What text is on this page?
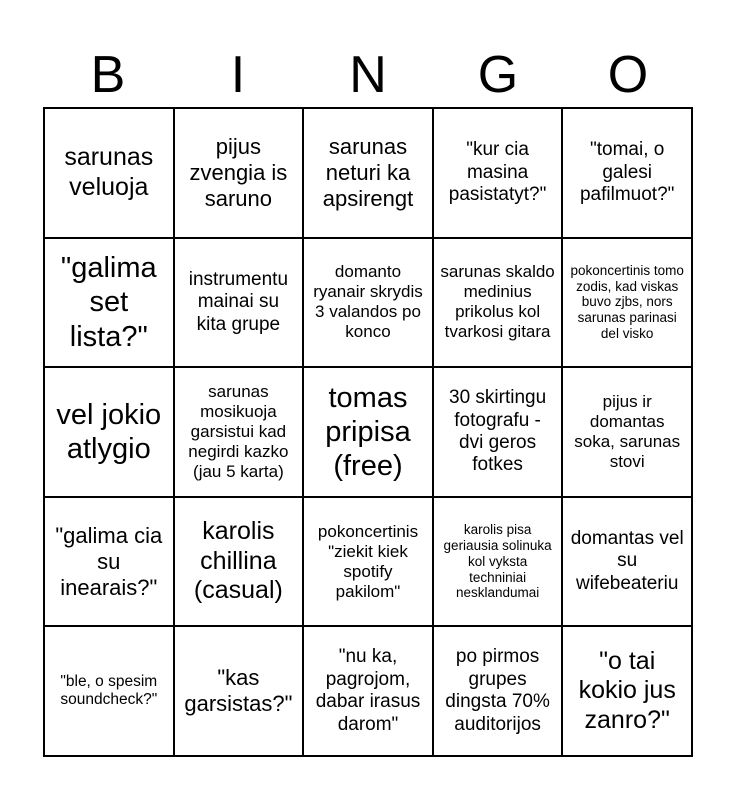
B	I	N	G	O
sarunas veluoja
pijus zvengia is saruno
sarunas neturi ka apsirengt
"kur cia masina pasistatyt?"
"tomai, o galesi pafilmuot?"
"galima set lista?"
instrumentu mainai su kita grupe
domanto ryanair skrydis 3 valandos po konco
sarunas skaldo medinius prikolus kol tvarkosi gitara
pokoncertinis tomo zodis, kad viskas buvo zjbs, nors sarunas parinasi del visko
vel jokio atlygio
sarunas mosikuoja garsistui kad negirdi kazko (jau 5 karta)
tomas pripisa (free)
30 skirtingu fotografu - dvi geros fotkes
pijus ir domantas soka, sarunas stovi
"galima cia su inearais?"
karolis chillina (casual)
pokoncertinis "ziekit kiek spotify pakilom"
karolis pisa geriausia solinuka kol vyksta techniniai nesklandumai
domantas vel su wifebeateriu
"ble, o spesim soundcheck?"
"kas garsistas?"
"nu ka, pagrojom, dabar irasus darom"
po pirmos grupes dingsta 70% auditorijos
"o tai kokio jus zanro?"
